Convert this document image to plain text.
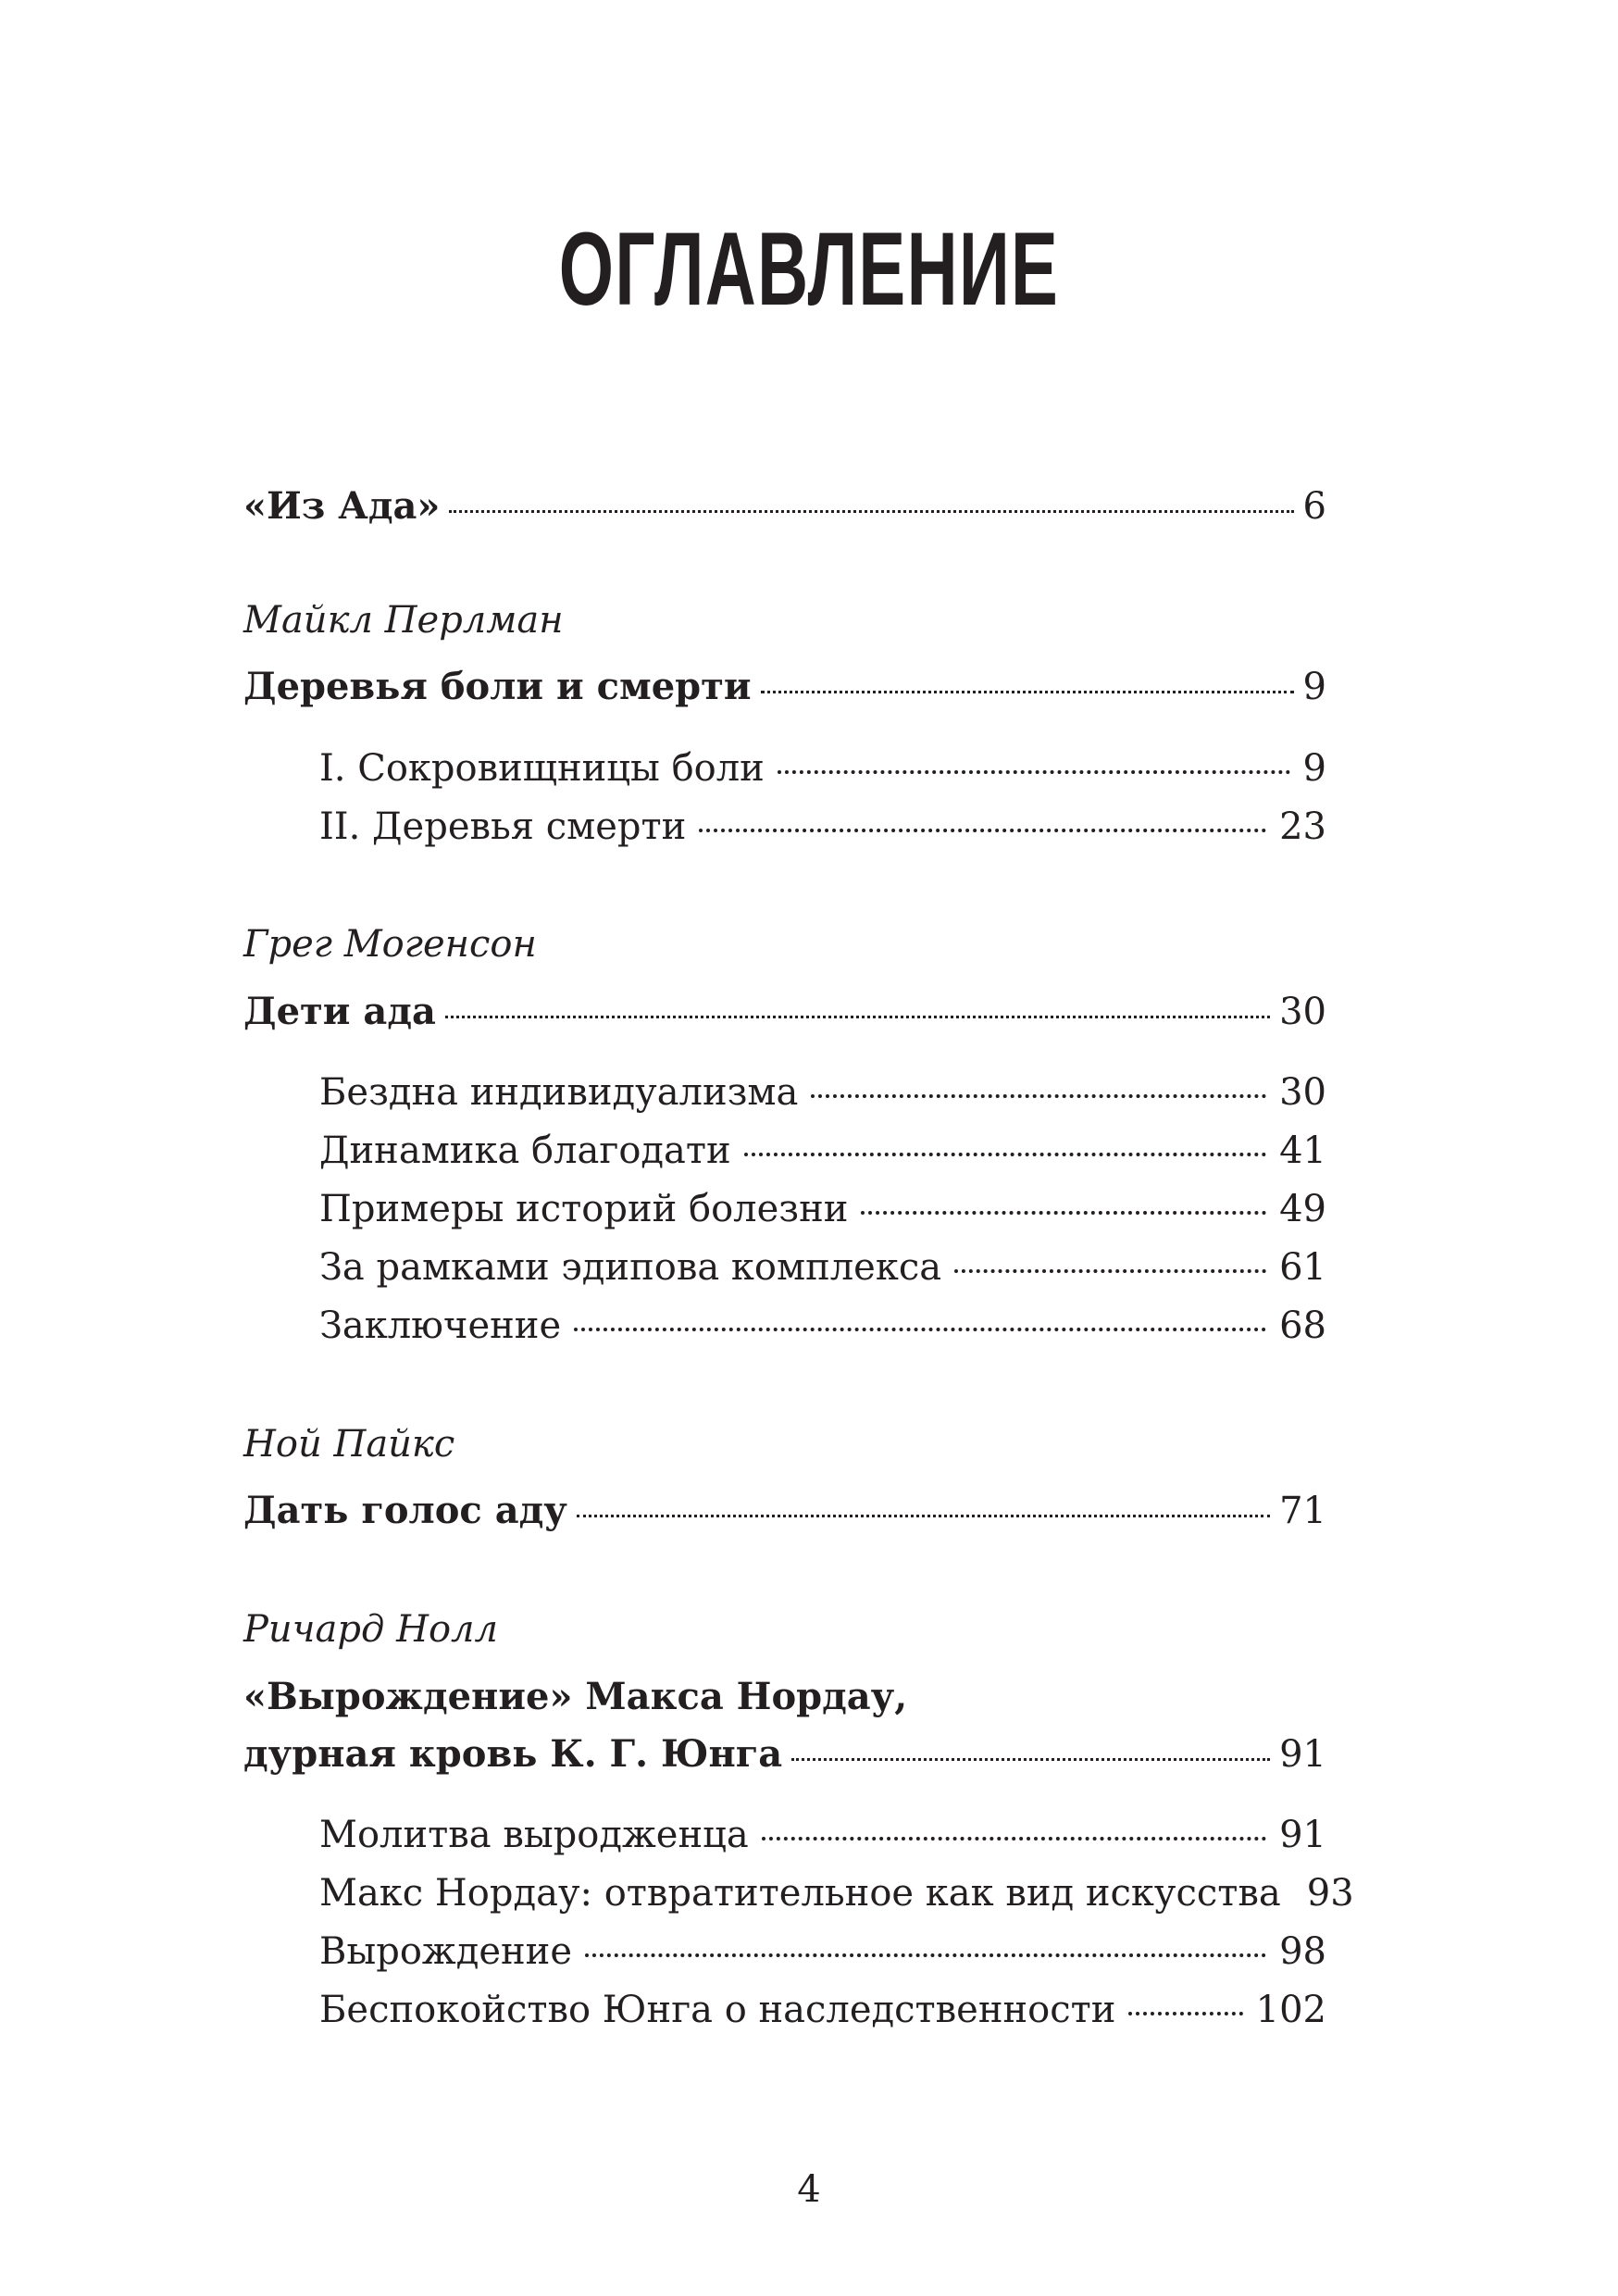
ОГЛАВЛЕНИЕ
«Из Ада»	6
Майкл Перлман
Деревья боли и смерти	9
I. Сокровищницы боли	9
II. Деревья смерти	23
Грег Могенсон
Дети ада	30
Бездна индивидуализма	30
Динамика благодати	41
Примеры историй болезни	49
За рамками эдипова комплекса	61
Заключение	68
Ной Пайкс
Дать голос аду	71
Ричард Нолл
«Вырождение» Макса Нордау,
дурная кровь К. Г. Юнга	91
Молитва выродженца	91
Макс Нордау: отвратительное как вид искусства 93
Вырождение	98
Беспокойство Юнга о наследственности	102
4
